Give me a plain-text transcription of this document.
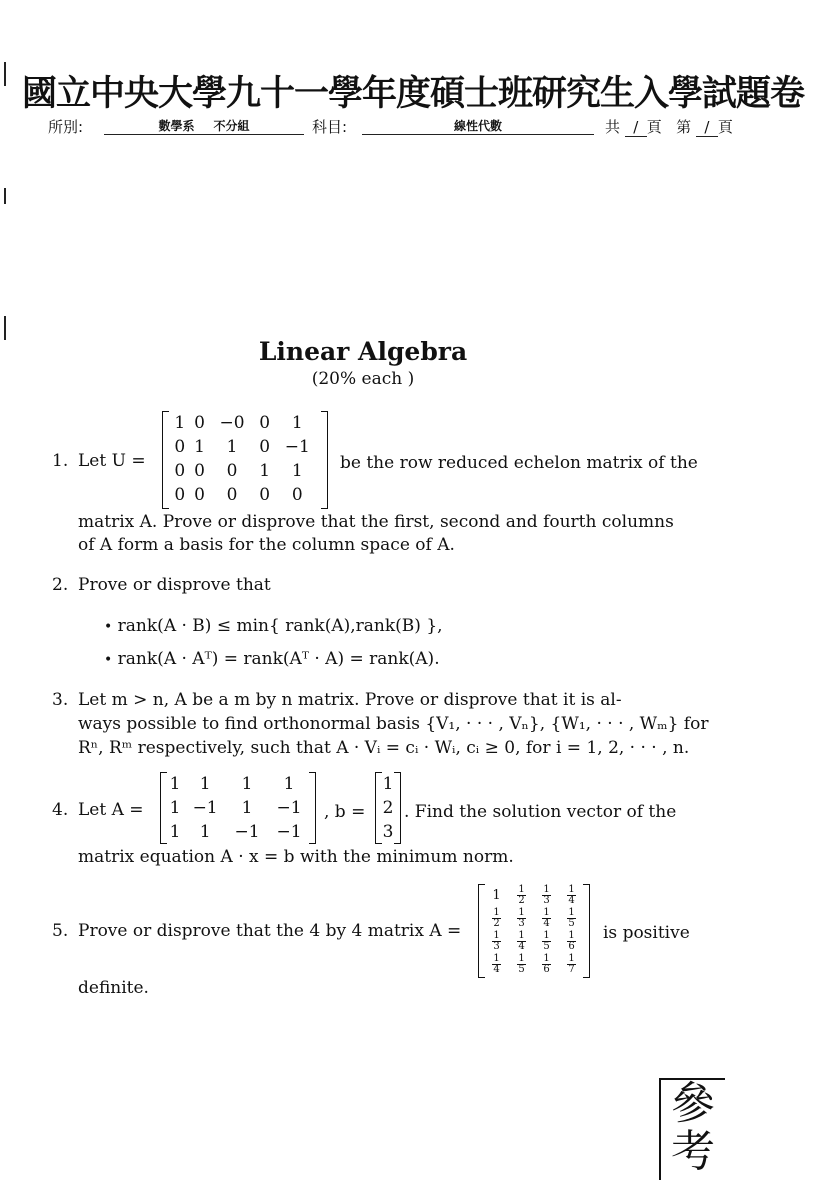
國立中央大學九十一學年度碩士班研究生入學試題卷
所別:	數學系 不分組	科目:	線性代數	共 / 頁 第 / 頁
Linear Algebra
(20% each )
1. Let U =
1	0	−0	0	1
0	1	1	0	−1
0	0	0	1	1
0	0	0	0	0
be the row reduced echelon matrix of the
matrix A. Prove or disprove that the first, second and fourth columns
of A form a basis for the column space of A.
2. Prove or disprove that
• rank(A · B) ≤ min{ rank(A),rank(B) },
• rank(A · Aᵀ) = rank(Aᵀ · A) = rank(A).
3. Let m > n, A be a m by n matrix. Prove or disprove that it is al-
ways possible to find orthonormal basis {V₁, · · · , Vₙ}, {W₁, · · · , Wₘ} for
Rⁿ, Rᵐ respectively, such that A · Vᵢ = cᵢ · Wᵢ, cᵢ ≥ 0, for i = 1, 2, · · · , n.
4. Let A =
1	1	1	1
1	−1	1	−1
1	1	−1	−1
, b =
1
2
3
. Find the solution vector of the
matrix equation A · x = b with the minimum norm.
5. Prove or disprove that the 4 by 4 matrix A =
1	$\frac{1}{2}$	$\frac{1}{3}$	$\frac{1}{4}$

$\frac{1}{2}$	$\frac{1}{3}$	$\frac{1}{4}$	$\frac{1}{5}$

$\frac{1}{3}$	$\frac{1}{4}$	$\frac{1}{5}$	$\frac{1}{6}$

$\frac{1}{4}$	$\frac{1}{5}$	$\frac{1}{6}$	$\frac{1}{7}$
is positive
definite.
參考
